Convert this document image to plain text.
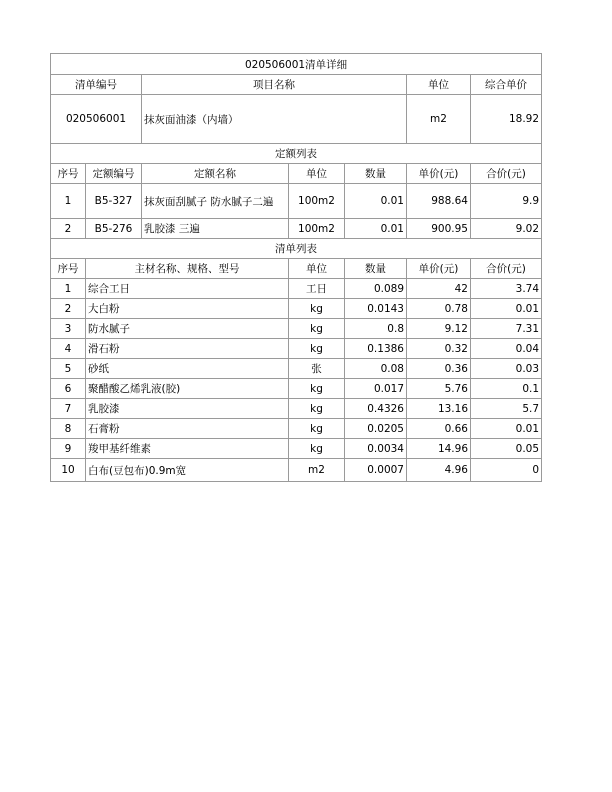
020506001清单详细						
清单编号		项目名称			单位	综合单价
020506001		抹灰面油漆（内墙）			m2	18.92
定额列表						
序号	定额编号	定额名称	单位	数量	单价(元)	合价(元)
1	B5-327	抹灰面刮腻子 防水腻子二遍	100m2	0.01	988.64	9.9
2	B5-276	乳胶漆 三遍	100m2	0.01	900.95	9.02
清单列表						
序号	主材名称、规格、型号		单位	数量	单价(元)	合价(元)
1	综合工日		工日	0.089	42	3.74
2	大白粉		kg	0.0143	0.78	0.01
3	防水腻子		kg	0.8	9.12	7.31
4	滑石粉		kg	0.1386	0.32	0.04
5	砂纸		张	0.08	0.36	0.03
6	聚醋酸乙烯乳液(胶)		kg	0.017	5.76	0.1
7	乳胶漆		kg	0.4326	13.16	5.7
8	石膏粉		kg	0.0205	0.66	0.01
9	羧甲基纤维素		kg	0.0034	14.96	0.05
10	白布(豆包布)0.9m宽		m2	0.0007	4.96	0
